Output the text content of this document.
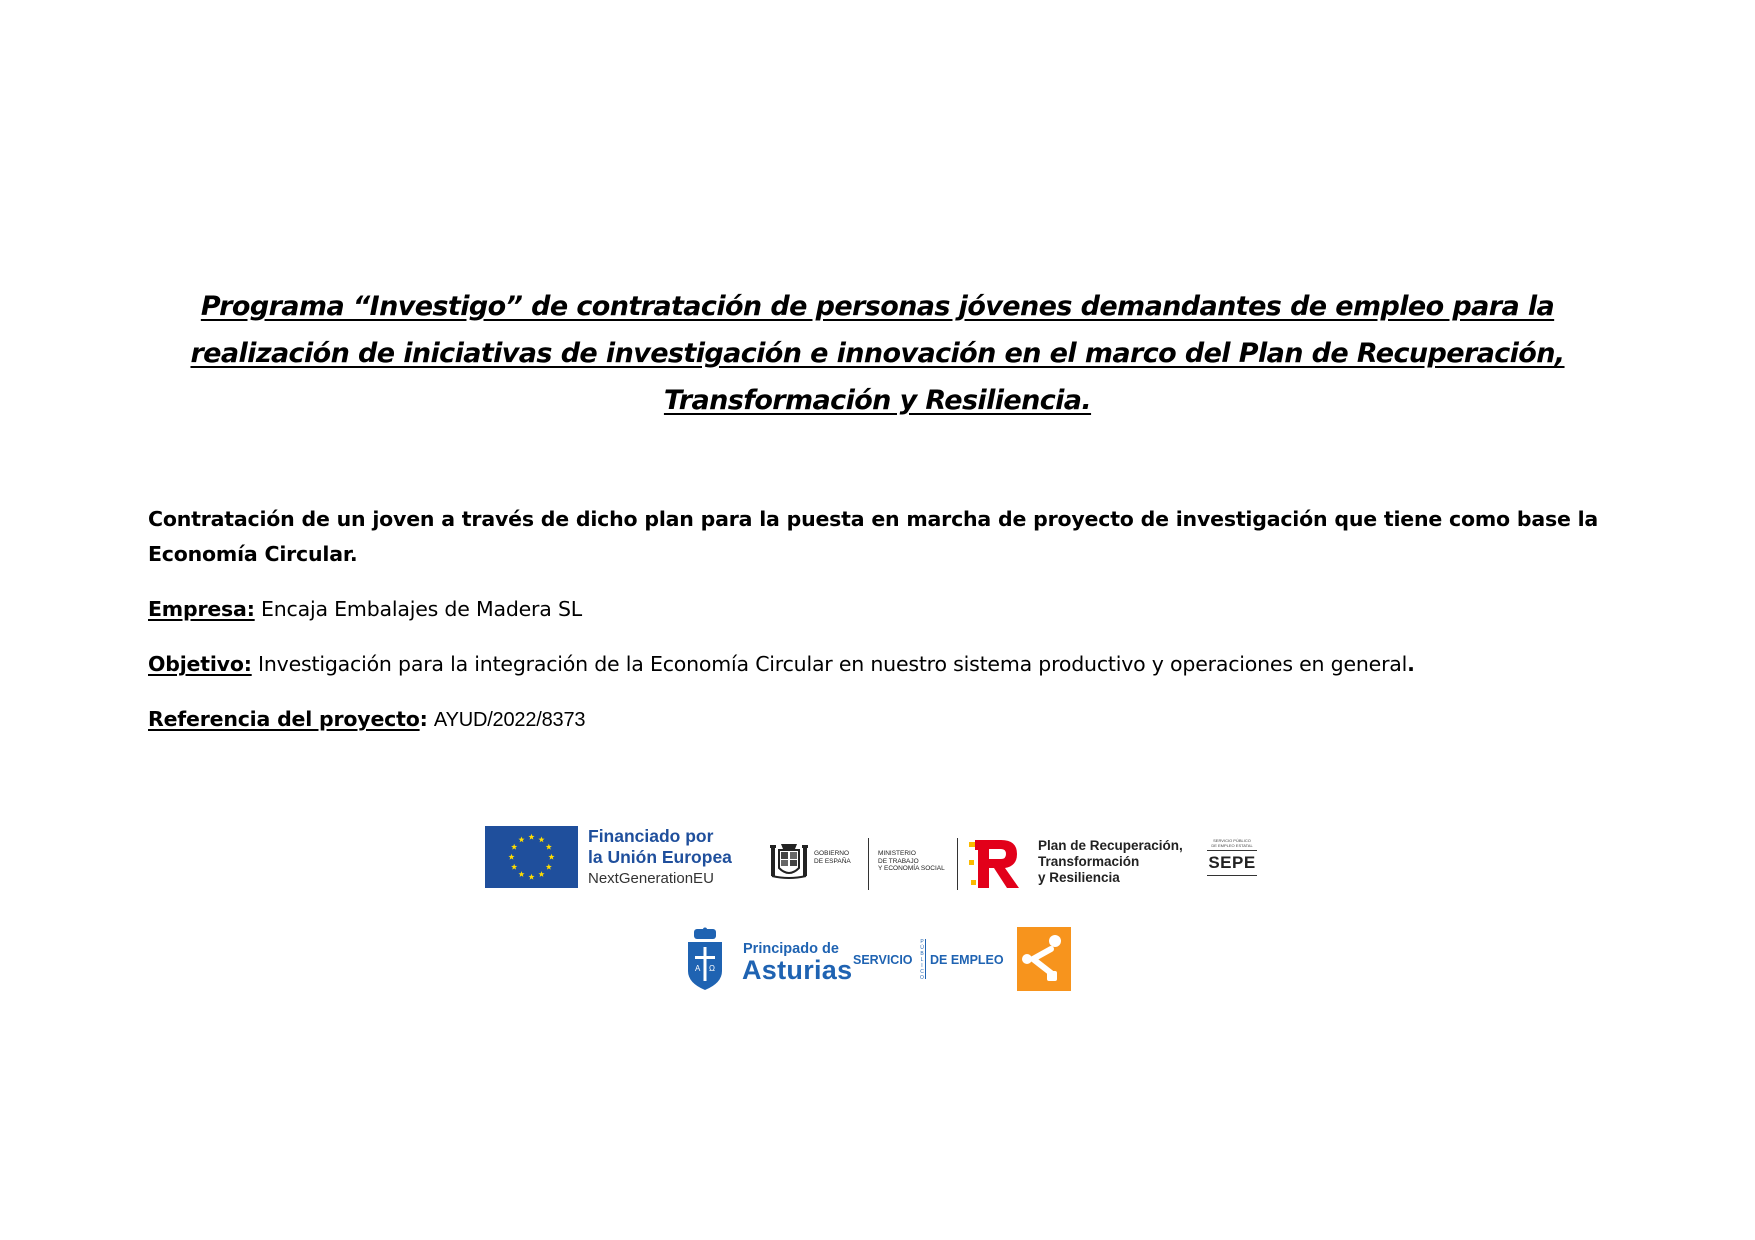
Programa “Investigo” de contratación de personas jóvenes demandantes de empleo para la realización de iniciativas de investigación e innovación en el marco del Plan de Recuperación, Transformación y Resiliencia.

Contratación de un joven a través de dicho plan para la puesta en marcha de proyecto de investigación que tiene como base la Economía Circular.

Empresa: Encaja Embalajes de Madera SL

Objetivo: Investigación para la integración de la Economía Circular en nuestro sistema productivo y operaciones en general.

Referencia del proyecto: AYUD/2022/8373

Financiado por
la Unión Europea
NextGenerationEU
GOBIERNO
DE ESPAÑA
MINISTERIO
DE TRABAJO
Y ECONOMÍA SOCIAL
Plan de Recuperación,
Transformación
y Resiliencia
SERVICIO PÚBLICO
DE EMPLEO ESTATAL
SEPE
Α Ω
Principado de
Asturias SERVICIO
P
Ú
B
L
I
C
O
DE EMPLEO
